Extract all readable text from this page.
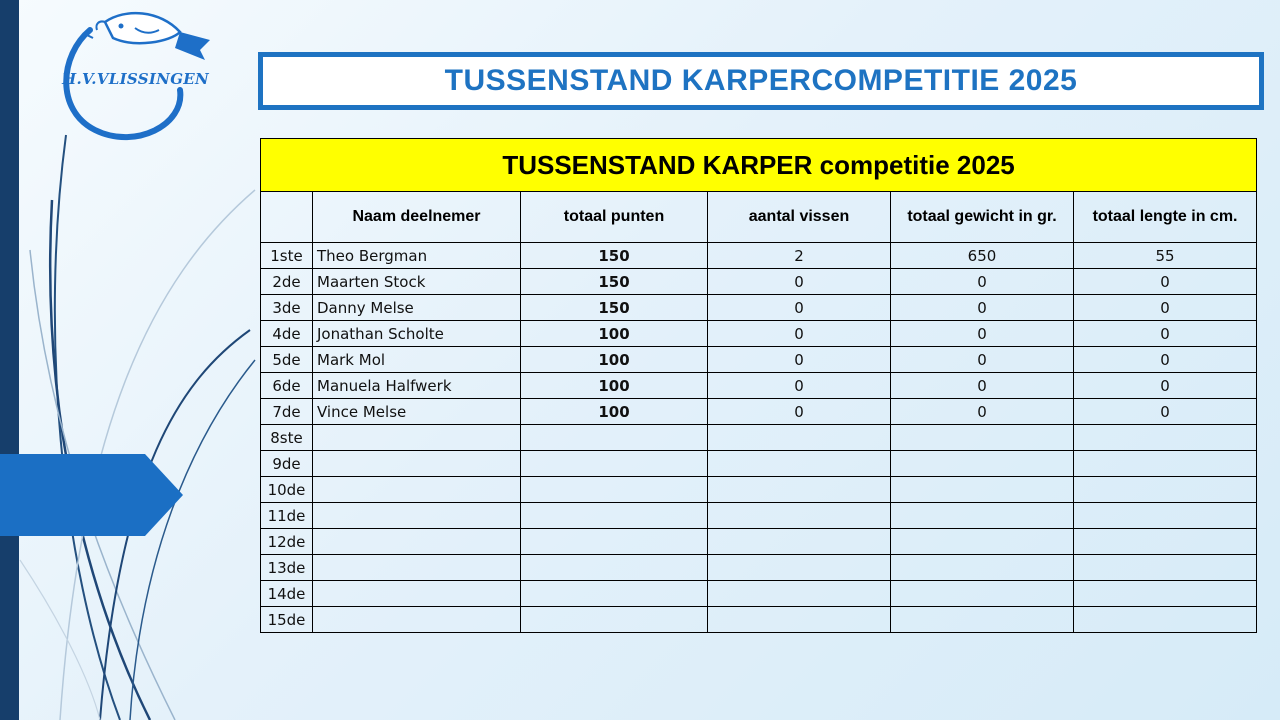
H.V.VLISSINGEN	TUSSENSTAND KARPERCOMPETITIE 2025
TUSSENSTAND KARPER competitie 2025					
	Naam deelnemer	totaal punten	aantal vissen	totaal gewicht in gr.	totaal lengte in cm.
1ste	Theo Bergman	150	2	650	55
2de	Maarten Stock	150	0	0	0
3de	Danny Melse	150	0	0	0
4de	Jonathan Scholte	100	0	0	0
5de	Mark Mol	100	0	0	0
6de	Manuela Halfwerk	100	0	0	0
7de	Vince Melse	100	0	0	0
8ste					
9de					
10de					
11de					
12de					
13de					
14de					
15de					
